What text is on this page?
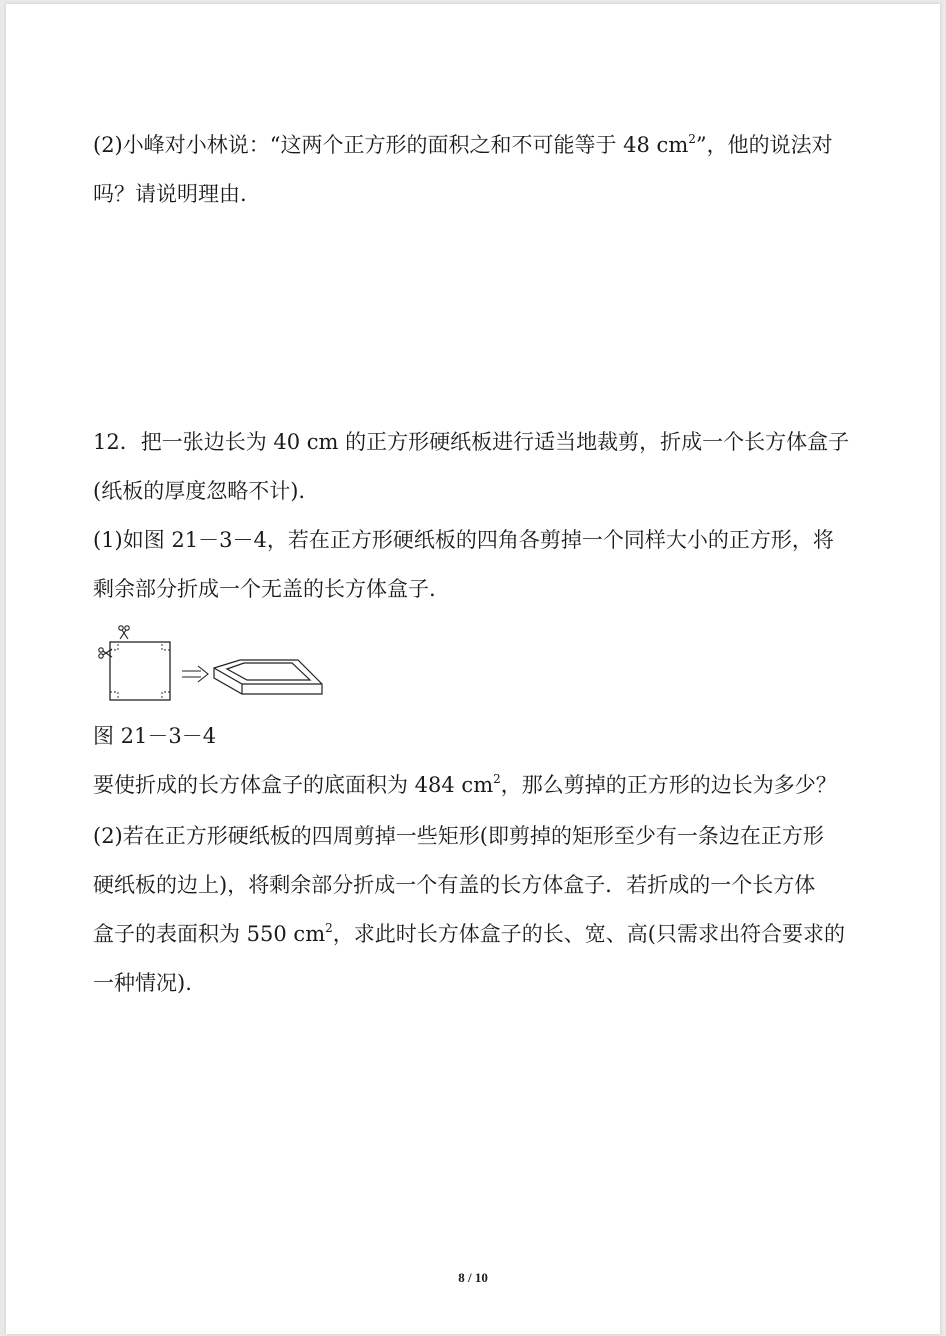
(2)小峰对小林说：“这两个正方形的面积之和不可能等于 48 $cm^2$”，他的说法对
吗？请说明理由.
12．把一张边长为 40 cm 的正方形硬纸板进行适当地裁剪，折成一个长方体盒子
(纸板的厚度忽略不计).
(1)如图 21－3－4，若在正方形硬纸板的四角各剪掉一个同样大小的正方形，将
剩余部分折成一个无盖的长方体盒子.
图 21－3－4
要使折成的长方体盒子的底面积为 484 $cm^2$，那么剪掉的正方形的边长为多少？
(2)若在正方形硬纸板的四周剪掉一些矩形(即剪掉的矩形至少有一条边在正方形
硬纸板的边上)，将剩余部分折成一个有盖的长方体盒子．若折成的一个长方体
盒子的表面积为 550 $cm^2$，求此时长方体盒子的长、宽、高(只需求出符合要求的
一种情况).
8 / 10
